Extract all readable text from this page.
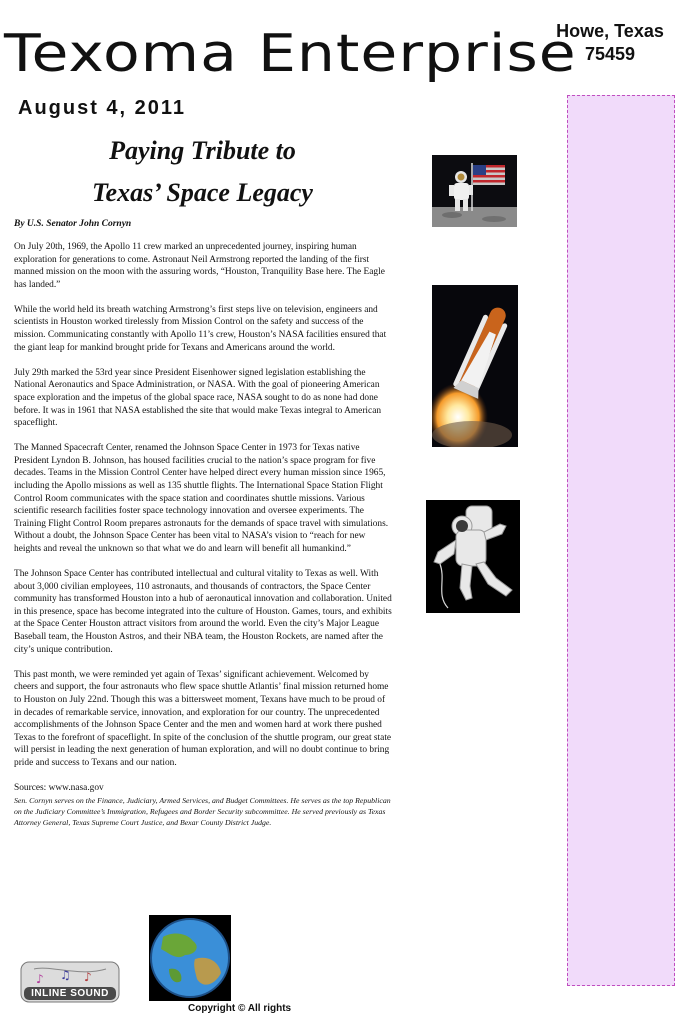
Texoma Enterprise
Howe, Texas
75459
August 4, 2011
Paying Tribute to
Texas’ Space Legacy
By U.S. Senator John Cornyn

On July 20th, 1969, the Apollo 11 crew marked an unprecedented journey, inspiring human exploration for generations to come. Astronaut Neil Armstrong reported the landing of the first manned mission on the moon with the assuring words, “Houston, Tranquility Base here. The Eagle has landed.”

While the world held its breath watching Armstrong’s first steps live on television, engineers and scientists in Houston worked tirelessly from Mission Control on the safety and success of the mission. Communicating constantly with Apollo 11’s crew, Houston’s NASA facilities ensured that the giant leap for mankind brought pride for Texans and Americans around the world.

July 29th marked the 53rd year since President Eisenhower signed legislation establishing the National Aeronautics and Space Administration, or NASA. With the goal of pioneering American space exploration and the impetus of the global space race, NASA sought to do as none had done before. It was in 1961 that NASA established the site that would make Texas integral to American spaceflight.

The Manned Spacecraft Center, renamed the Johnson Space Center in 1973 for Texas native President Lyndon B. Johnson, has housed facilities crucial to the nation’s space program for five decades. Teams in the Mission Control Center have helped direct every human mission since 1965, including the Apollo missions as well as 135 shuttle flights. The International Space Station Flight Control Room communicates with the space station and coordinates shuttle missions. Various scientific research facilities foster space technology innovation and oversee experiments. The Training Flight Control Room prepares astronauts for the demands of space travel with simulations. Without a doubt, the Johnson Space Center has been vital to NASA’s vision to “reach for new heights and reveal the unknown so that what we do and learn will benefit all humankind.”

The Johnson Space Center has contributed intellectual and cultural vitality to Texas as well. With about 3,000 civilian employees, 110 astronauts, and thousands of contractors, the Space Center community has transformed Houston into a hub of aeronautical innovation and collaboration. United in this presence, space has become integrated into the culture of Houston. Games, tours, and exhibits at the Space Center Houston attract visitors from around the world. Even the city’s Major League Baseball team, the Houston Astros, and their NBA team, the Houston Rockets, are named after the city’s unique contribution.

This past month, we were reminded yet again of Texas’ significant achievement. Welcomed by cheers and support, the four astronauts who flew space shuttle Atlantis’ final mission returned home to Houston on July 22nd. Though this was a bittersweet moment, Texans have much to be proud of in decades of remarkable service, innovation, and exploration for our country. The unprecedented accomplishments of the Johnson Space Center and the men and women hard at work there pushed Texas to the forefront of spaceflight. In spite of the conclusion of the shuttle program, our great state will persist in leading the next generation of human exploration, and will no doubt continue to bring pride and success to Texans and our nation.

Sources: www.nasa.gov
Sen. Cornyn serves on the Finance, Judiciary, Armed Services, and Budget Committees. He serves as the top Republican on the Judiciary Committee’s Immigration, Refugees and Border Security subcommittee. He served previously as Texas Attorney General, Texas Supreme Court Justice, and Bexar County District Judge.
♪ ♫ ♪
INLINE SOUND
Copyright © All rights
